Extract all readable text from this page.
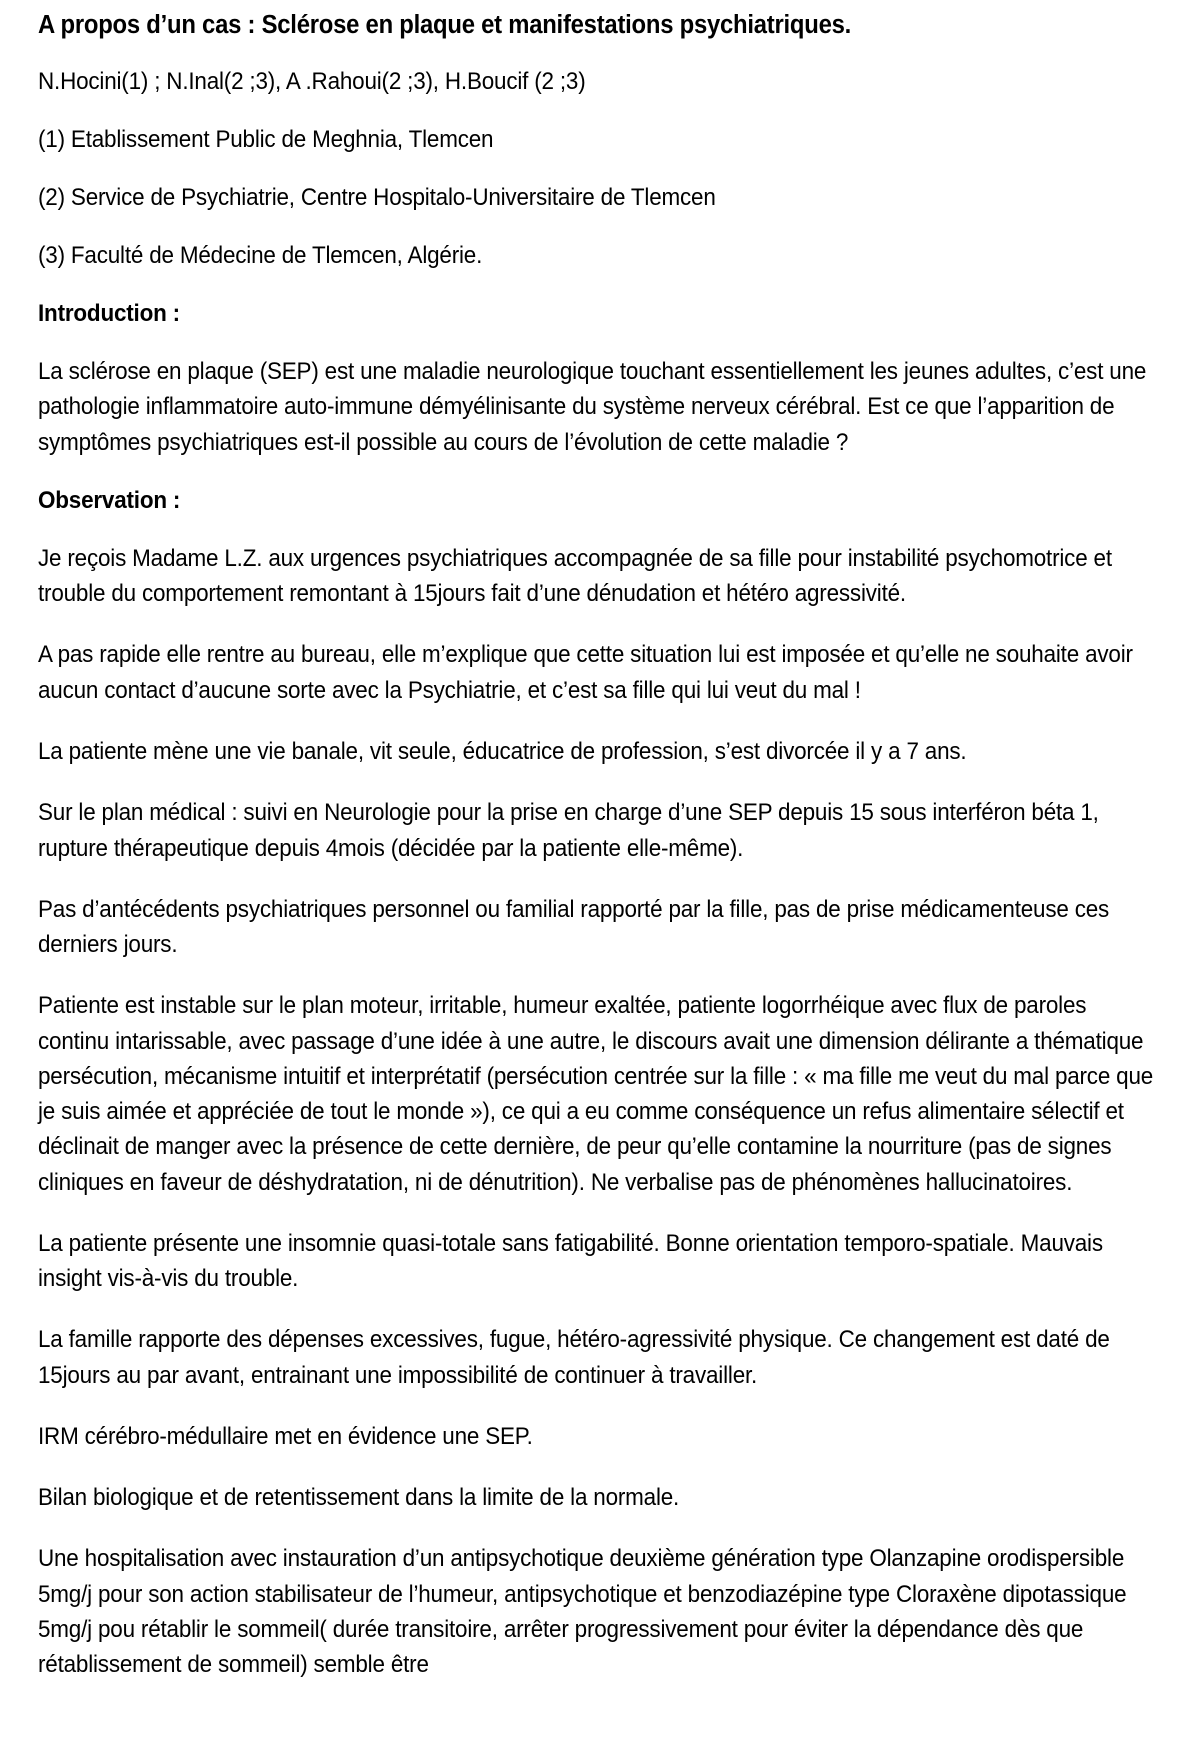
A propos d’un cas : Sclérose en plaque et manifestations psychiatriques.

N.Hocini(1) ; N.Inal(2 ;3), A .Rahoui(2 ;3), H.Boucif (2 ;3)

(1) Etablissement Public de Meghnia, Tlemcen

(2) Service de Psychiatrie, Centre Hospitalo-Universitaire de Tlemcen

(3) Faculté de Médecine de Tlemcen, Algérie.

Introduction :

La sclérose en plaque (SEP) est une maladie neurologique touchant essentiellement les jeunes adultes, c’est une pathologie inflammatoire auto-immune démyélinisante du système nerveux cérébral. Est ce que l’apparition de symptômes psychiatriques est-il possible au cours de l’évolution de cette maladie ?

Observation :

Je reçois Madame L.Z. aux urgences psychiatriques accompagnée de sa fille pour instabilité psychomotrice et trouble du comportement remontant à 15jours fait d’une dénudation et hétéro agressivité.

A pas rapide elle rentre au bureau, elle m’explique que cette situation lui est imposée et qu’elle ne souhaite avoir aucun contact d’aucune sorte avec la Psychiatrie, et c’est sa fille qui lui veut du mal !

La patiente mène une vie banale, vit seule, éducatrice de profession, s’est divorcée il y a 7 ans.

Sur le plan médical : suivi en Neurologie pour la prise en charge d’une SEP depuis 15 sous interféron béta 1, rupture thérapeutique depuis 4mois (décidée par la patiente elle-même).

Pas d’antécédents psychiatriques personnel ou familial rapporté par la fille, pas de prise médicamenteuse ces derniers jours.

Patiente est instable sur le plan moteur, irritable, humeur exaltée, patiente logorrhéique avec flux de paroles continu intarissable, avec passage d’une idée à une autre, le discours avait une dimension délirante a thématique persécution, mécanisme intuitif et interprétatif (persécution centrée sur la fille : « ma fille me veut du mal parce que je suis aimée et appréciée de tout le monde »), ce qui a eu comme conséquence un refus alimentaire sélectif et déclinait de manger avec la présence de cette dernière, de peur qu’elle contamine la nourriture (pas de signes cliniques en faveur de déshydratation, ni de dénutrition). Ne verbalise pas de phénomènes hallucinatoires.

La patiente présente une insomnie quasi-totale sans fatigabilité. Bonne orientation temporo-spatiale. Mauvais insight vis-à-vis du trouble.

La famille rapporte des dépenses excessives, fugue, hétéro-agressivité physique. Ce changement est daté de 15jours au par avant, entrainant une impossibilité de continuer à travailler.

IRM cérébro-médullaire met en évidence une SEP.

Bilan biologique et de retentissement dans la limite de la normale.

Une hospitalisation avec instauration d’un antipsychotique deuxième génération type Olanzapine orodispersible 5mg/j pour son action stabilisateur de l’humeur, antipsychotique et benzodiazépine type Cloraxène dipotassique 5mg/j pou rétablir le sommeil( durée transitoire, arrêter progressivement pour éviter la dépendance dès que rétablissement de sommeil) semble être
